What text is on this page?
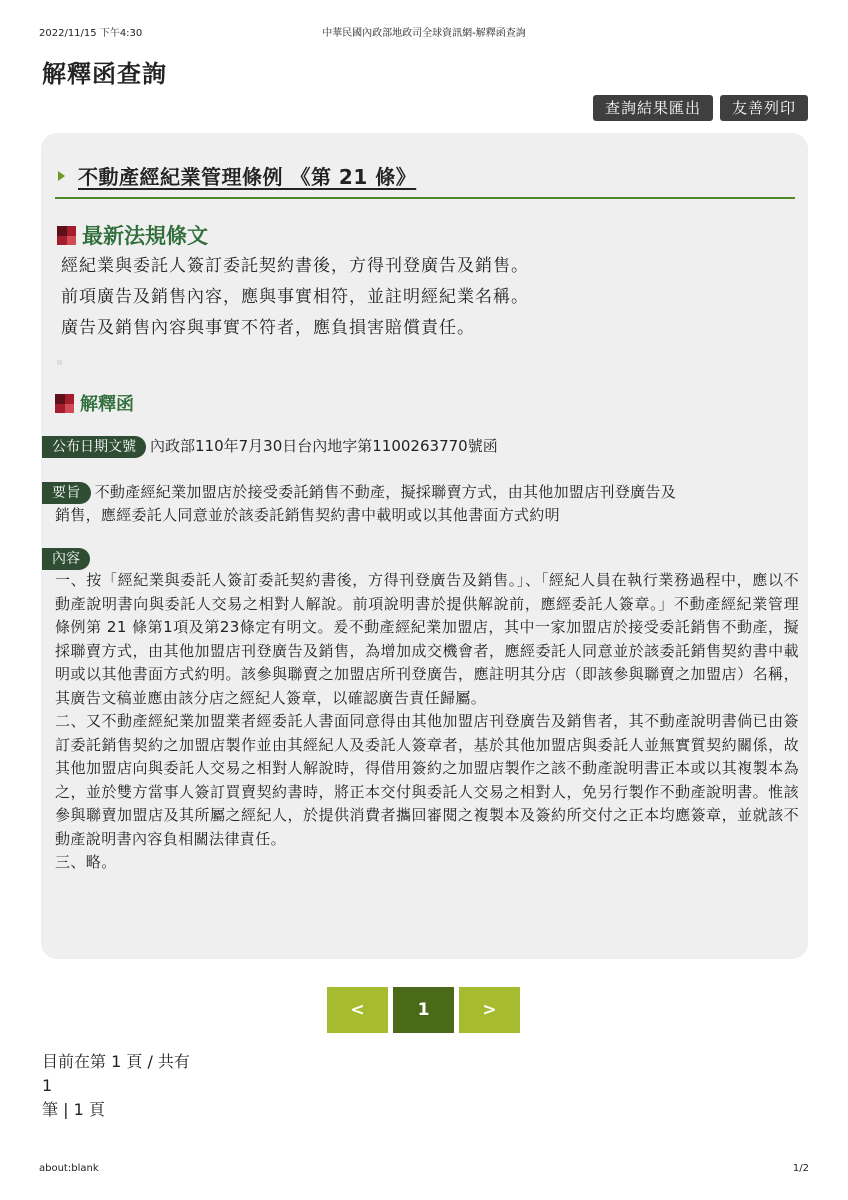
2022/11/15 下午4:30	中華民國內政部地政司全球資訊網-解釋函查詢
解釋函查詢
查詢結果匯出	友善列印
不動產經紀業管理條例 《第 21 條》
最新法規條文
經紀業與委託人簽訂委託契約書後，方得刊登廣告及銷售。
前項廣告及銷售內容，應與事實相符，並註明經紀業名稱。
廣告及銷售內容與事實不符者，應負損害賠償責任。
解釋函
公布日期文號 內政部110年7月30日台內地字第1100263770號函
要旨 不動產經紀業加盟店於接受委託銷售不動產，擬採聯賣方式，由其他加盟店刊登廣告及
銷售，應經委託人同意並於該委託銷售契約書中載明或以其他書面方式約明
內容
一、按「經紀業與委託人簽訂委託契約書後，方得刊登廣告及銷售。」、「經紀人員在執行業務過程中，應以不動產說明書向與委託人交易之相對人解說。前項說明書於提供解說前，應經委託人簽章。」不動產經紀業管理條例第 21 條第1項及第23條定有明文。爰不動產經紀業加盟店，其中一家加盟店於接受委託銷售不動產，擬採聯賣方式，由其他加盟店刊登廣告及銷售，為增加成交機會者，應經委託人同意並於該委託銷售契約書中載明或以其他書面方式約明。該參與聯賣之加盟店所刊登廣告，應註明其分店（即該參與聯賣之加盟店）名稱，其廣告文稿並應由該分店之經紀人簽章，以確認廣告責任歸屬。
二、又不動產經紀業加盟業者經委託人書面同意得由其他加盟店刊登廣告及銷售者，其不動產說明書倘已由簽訂委託銷售契約之加盟店製作並由其經紀人及委託人簽章者，基於其他加盟店與委託人並無實質契約關係，故其他加盟店向與委託人交易之相對人解說時，得借用簽約之加盟店製作之該不動產說明書正本或以其複製本為之，並於雙方當事人簽訂買賣契約書時，將正本交付與委託人交易之相對人，免另行製作不動產說明書。惟該參與聯賣加盟店及其所屬之經紀人，於提供消費者攜回審閱之複製本及簽約所交付之正本均應簽章，並就該不動產說明書內容負相關法律責任。
三、略。
<	1	>
目前在第 1 頁 / 共有
1
筆 | 1 頁
about:blank	1/2
